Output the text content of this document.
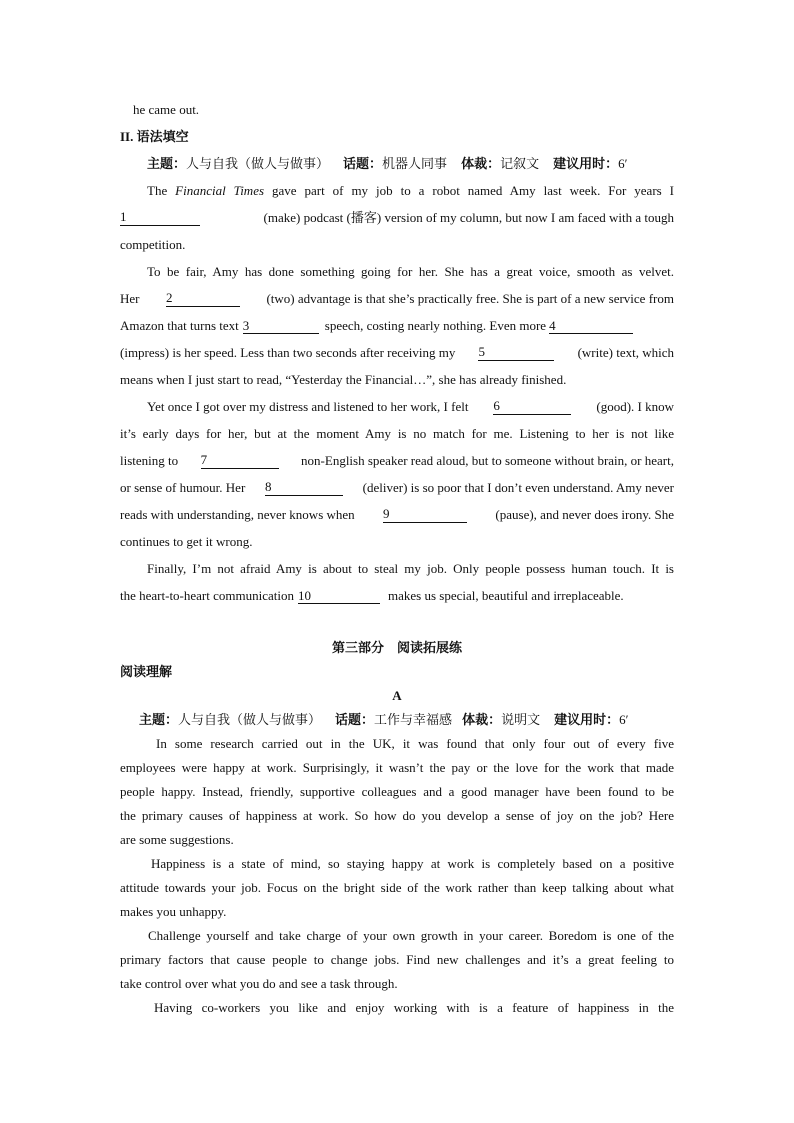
he came out.
II. 语法填空
主题：人与自我（做人与做事） 话题：机器人同事 体裁：记叙文 建议用时：6′
The Financial Times gave part of my job to a robot named Amy last week. For years I
1	(make) podcast (播客) version of my column, but now I am faced with a tough
competition.
To be fair, Amy has done something going for her. She has a great voice, smooth as velvet.
Her 2	(two) advantage is that she’s practically free. She is part of a new service from
Amazon that turns text 3	speech, costing nearly nothing. Even more 4
(impress) is her speed. Less than two seconds after receiving my 5	(write) text, which
means when I just start to read, “Yesterday the Financial…”, she has already finished.
Yet once I got over my distress and listened to her work, I felt 6	(good). I know
it’s early days for her, but at the moment Amy is no match for me. Listening to her is not like
listening to 7	non-English speaker read aloud, but to someone without brain, or heart,
or sense of humour. Her 8	(deliver) is so poor that I don’t even understand. Amy never
reads with understanding, never knows when 9	(pause), and never does irony. She
continues to get it wrong.
Finally, I’m not afraid Amy is about to steal my job. Only people possess human touch. It is
the heart-to-heart communication 10	makes us special, beautiful and irreplaceable.
第三部分　阅读拓展练
阅读理解
A
主题：人与自我（做人与做事） 话题：工作与幸福感 体裁：说明文 建议用时：6′
In some research carried out in the UK, it was found that only four out of every five
employees were happy at work. Surprisingly, it wasn’t the pay or the love for the work that made
people happy. Instead, friendly, supportive colleagues and a good manager have been found to be
the primary causes of happiness at work. So how do you develop a sense of joy on the job? Here
are some suggestions.
Happiness is a state of mind, so staying happy at work is completely based on a positive
attitude towards your job. Focus on the bright side of the work rather than keep talking about what
makes you unhappy.
Challenge yourself and take charge of your own growth in your career. Boredom is one of the
primary factors that cause people to change jobs. Find new challenges and it’s a great feeling to
take control over what you do and see a task through.
Having co-workers you like and enjoy working with is a feature of happiness in the
